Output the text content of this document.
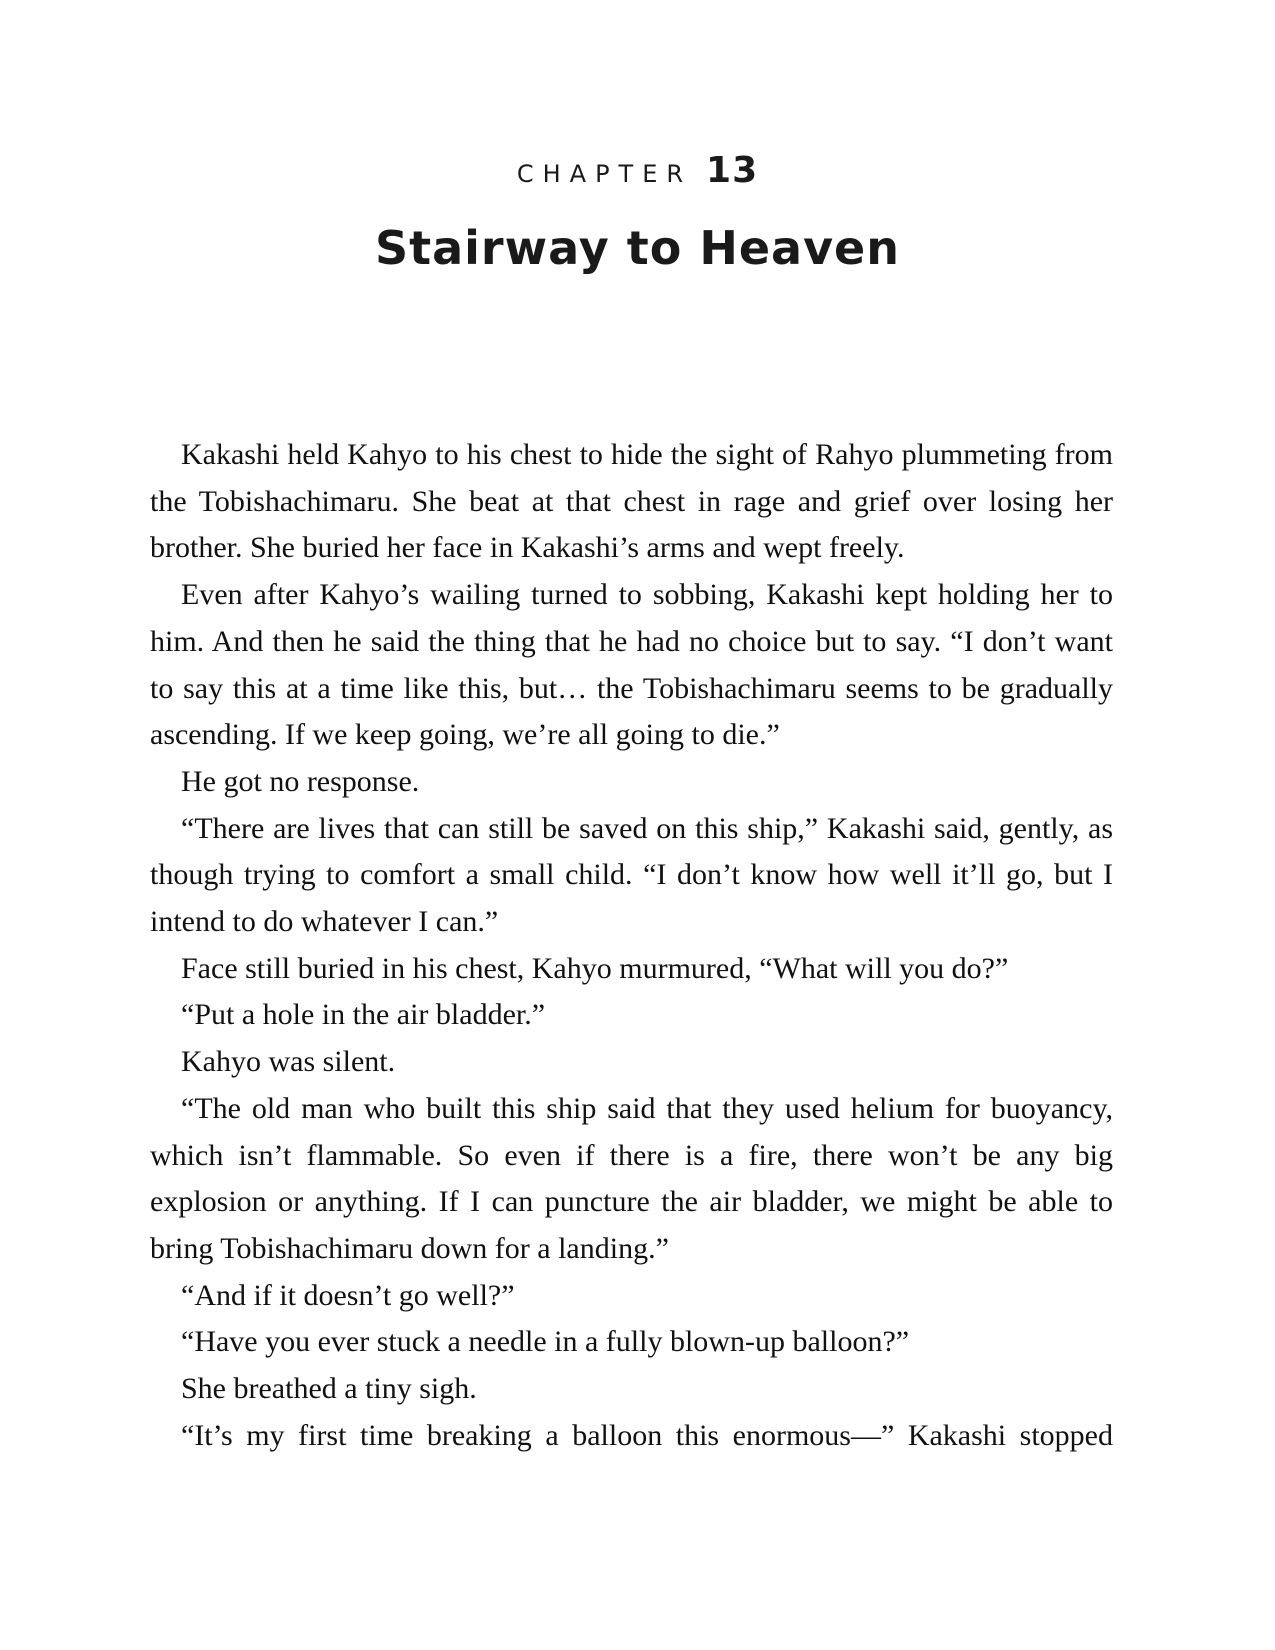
CHAPTER 13
Stairway to Heaven

Kakashi held Kahyo to his chest to hide the sight of Rahyo plummeting from the Tobishachimaru. She beat at that chest in rage and grief over losing her brother. She buried her face in Kakashi’s arms and wept freely.

Even after Kahyo’s wailing turned to sobbing, Kakashi kept holding her to him. And then he said the thing that he had no choice but to say. “I don’t want to say this at a time like this, but… the Tobishachimaru seems to be gradually ascending. If we keep going, we’re all going to die.”

He got no response.

“There are lives that can still be saved on this ship,” Kakashi said, gently, as though trying to comfort a small child. “I don’t know how well it’ll go, but I intend to do whatever I can.”

Face still buried in his chest, Kahyo murmured, “What will you do?”

“Put a hole in the air bladder.”

Kahyo was silent.

“The old man who built this ship said that they used helium for buoyancy, which isn’t flammable. So even if there is a fire, there won’t be any big explosion or anything. If I can puncture the air bladder, we might be able to bring Tobishachimaru down for a landing.”

“And if it doesn’t go well?”

“Have you ever stuck a needle in a fully blown-up balloon?”

She breathed a tiny sigh.

“It’s my first time breaking a balloon this enormous—” Kakashi stopped
